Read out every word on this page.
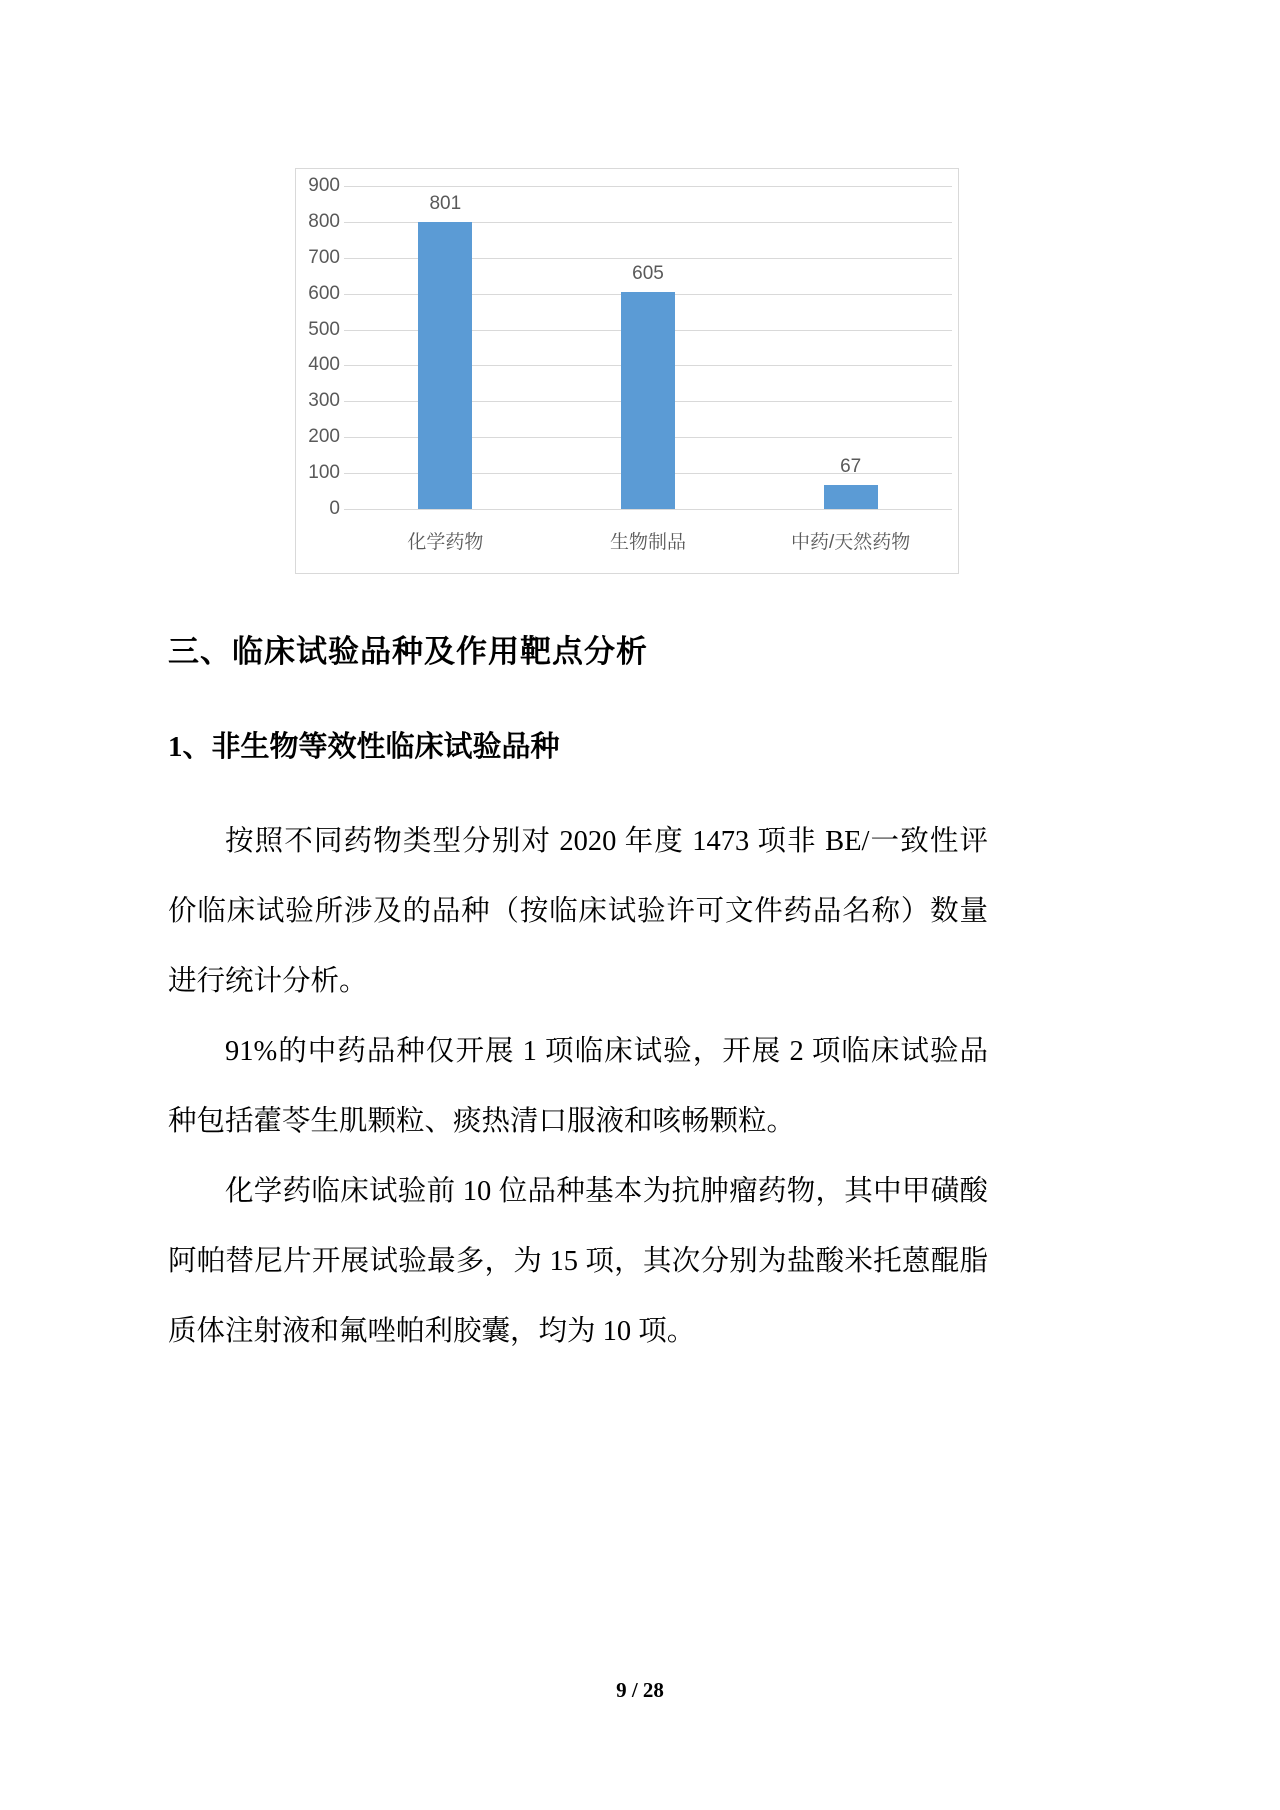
801
605
67
化学药物	生物制品	中药/天然药物
0
100
200
300
400
500
600
700
800
900
三、临床试验品种及作用靶点分析
1、非生物等效性临床试验品种

按照不同药物类型分别对 2020 年度 1473 项非 BE/一致性评价临床试验所涉及的品种（按临床试验许可文件药品名称）数量进行统计分析。

91%的中药品种仅开展 1 项临床试验，开展 2 项临床试验品种包括藿苓生肌颗粒、痰热清口服液和咳畅颗粒。

化学药临床试验前 10 位品种基本为抗肿瘤药物，其中甲磺酸阿帕替尼片开展试验最多，为 15 项，其次分别为盐酸米托蒽醌脂质体注射液和氟唑帕利胶囊，均为 10 项。

9 / 28
